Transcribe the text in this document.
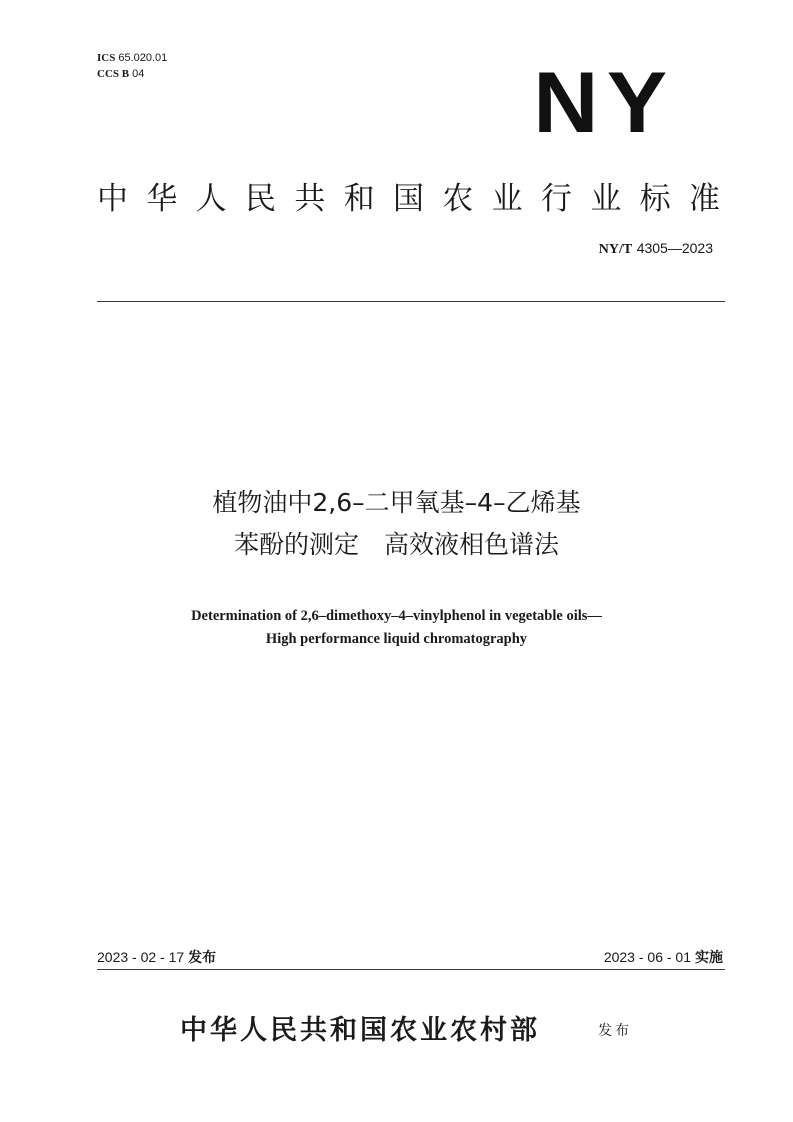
ICS 65.020.01
CCS B 04	NY
中华人民共和国农业行业标准
NY/T 4305—2023
植物油中2,6–二甲氧基–4–乙烯基
苯酚的测定　高效液相色谱法
Determination of 2,6–dimethoxy–4–vinylphenol in vegetable oils—
High performance liquid chromatography
2023 - 02 - 17 发布	2023 - 06 - 01 实施
中华人民共和国农业农村部	发布
